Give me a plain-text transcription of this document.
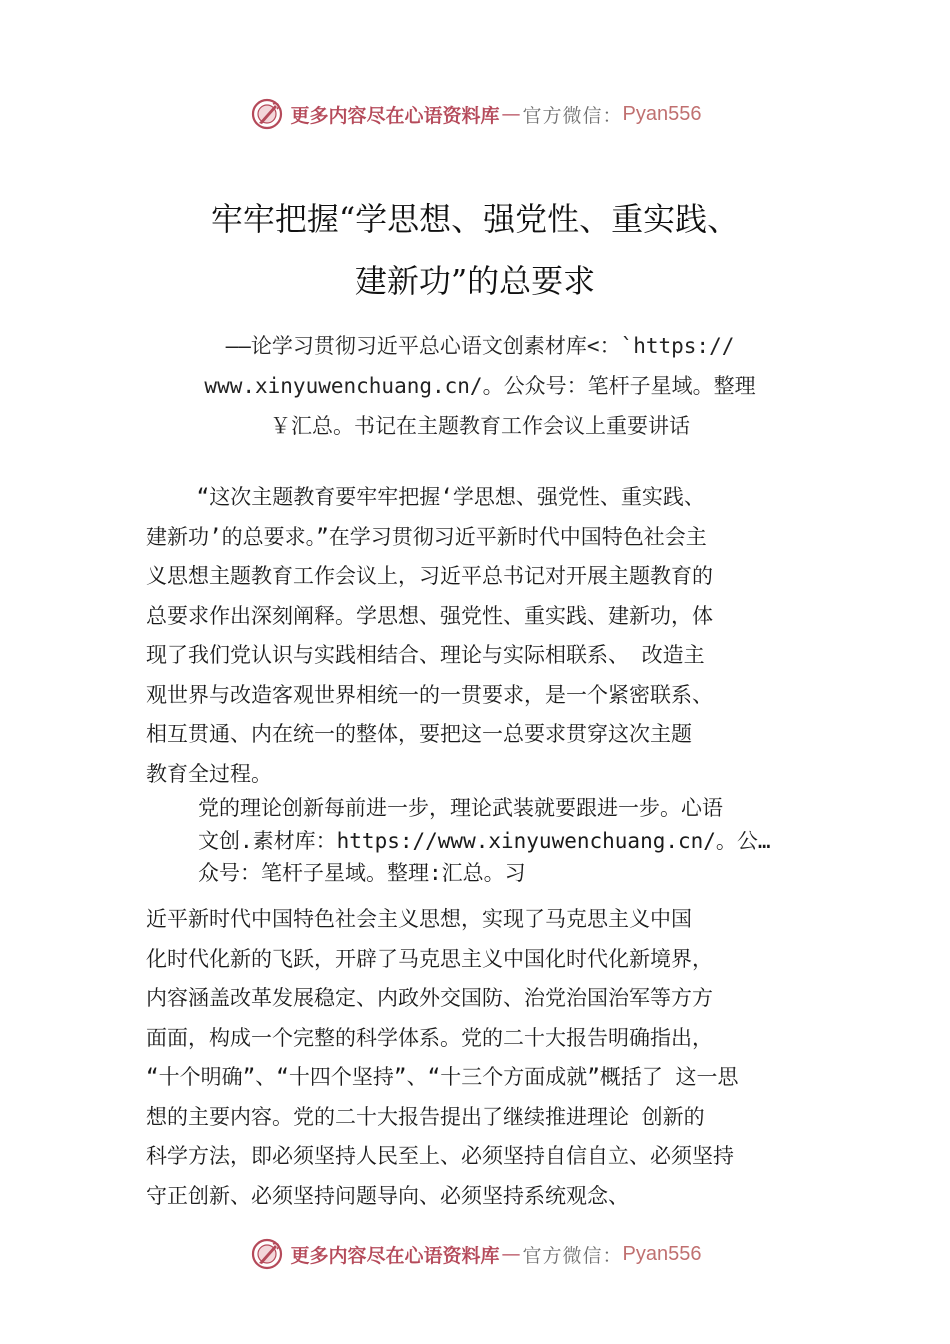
更多内容尽在心语资料库 — 官方微信： Pyan556
牢牢把握“学思想、强党性、重实践、
建新功”的总要求
——论学习贯彻习近平总心语文创素材库<：`https://
www.xinyuwenchuang.cn/。公众号：笔杆子星域。整理
￥汇总。书记在主题教育工作会议上重要讲话
“这次主题教育要牢牢把握‘学思想、强党性、重实践、
建新功’的总要求。”在学习贯彻习近平新时代中国特色社会主
义思想主题教育工作会议上，习近平总书记对开展主题教育的
总要求作出深刻阐释。学思想、强党性、重实践、建新功，体
现了我们党认识与实践相结合、理论与实际相联系、 改造主
观世界与改造客观世界相统一的一贯要求，是一个紧密联系、
相互贯通、内在统一的整体，要把这一总要求贯穿这次主题
教育全过程。
党的理论创新每前进一步，理论武装就要跟进一步。心语
文创.素材库：https://www.xinyuwenchuang.cn/。公…
众号：笔杆子星域。整理:汇总。习
近平新时代中国特色社会主义思想，实现了马克思主义中国
化时代化新的飞跃，开辟了马克思主义中国化时代化新境界，
内容涵盖改革发展稳定、内政外交国防、治党治国治军等方方
面面，构成一个完整的科学体系。党的二十大报告明确指出，
“十个明确”、“十四个坚持”、“十三个方面成就”概括了 这一思
想的主要内容。党的二十大报告提出了继续推进理论 创新的
科学方法，即必须坚持人民至上、必须坚持自信自立、必须坚持
守正创新、必须坚持问题导向、必须坚持系统观念、
更多内容尽在心语资料库 — 官方微信： Pyan556
